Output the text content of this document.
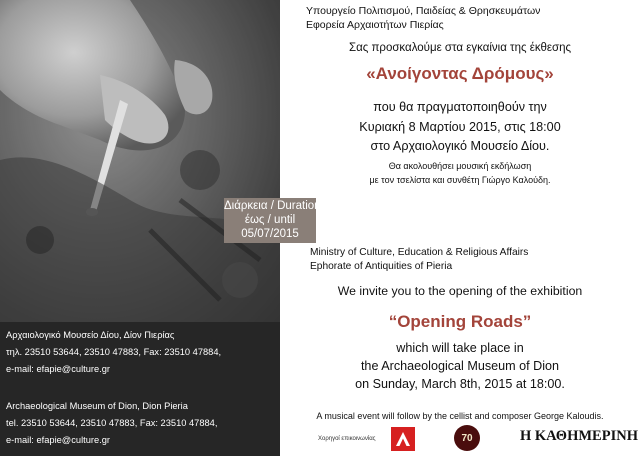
Διάρκεια / Duration
έως / until
05/07/2015
Αρχαιολογικό Μουσείο Δίου, Δίον Πιερίας
τηλ. 23510 53644, 23510 47883, Fax: 23510 47884,
e-mail: efapie@culture.gr
Archaeological Museum of Dion, Dion Pieria
tel. 23510 53644, 23510 47883, Fax: 23510 47884,
e-mail: efapie@culture.gr
Υπουργείο Πολιτισμού, Παιδείας & Θρησκευμάτων
Εφορεία Αρχαιοτήτων Πιερίας
Σας προσκαλούμε στα εγκαίνια της έκθεσης
«Ανοίγοντας Δρόμους»
που θα πραγματοποιηθούν την
Κυριακή 8 Μαρτίου 2015, στις 18:00
στο Αρχαιολογικό Μουσείο Δίου.
Θα ακολουθήσει μουσική εκδήλωση
με τον τσελίστα και συνθέτη Γιώργο Καλούδη.
Ministry of Culture, Education & Religious Affairs
Ephorate of Antiquities of Pieria
We invite you to the opening of the exhibition
“Opening Roads”
which will take place in
the Archaeological Museum of Dion
on Sunday, March 8th, 2015 at 18:00.
A musical event will follow by the cellist and composer George Kaloudis.
Χορηγοί επικοινωνίας	70	Η ΚΑΘΗΜΕΡΙΝΗ
